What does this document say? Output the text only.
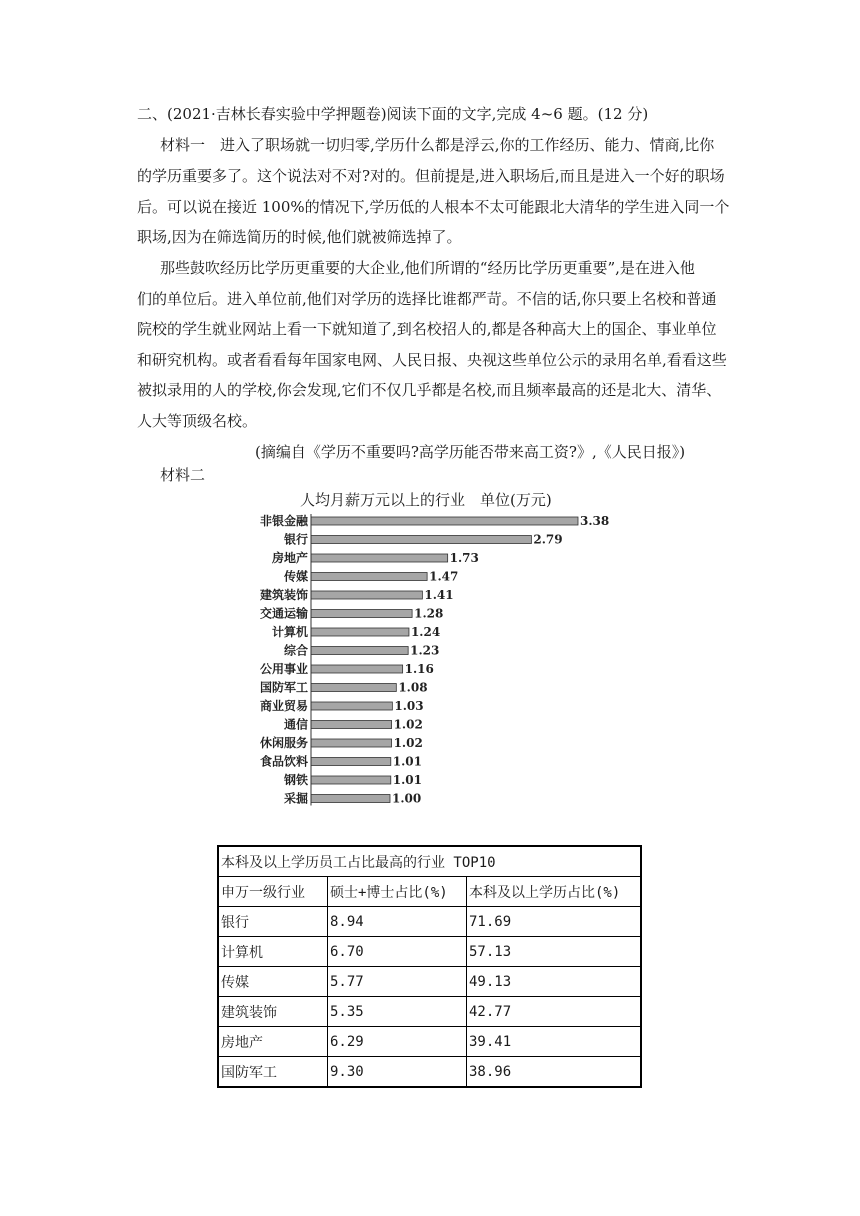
二、(2021·吉林长春实验中学押题卷)阅读下面的文字,完成 4~6 题。(12 分)
材料一　进入了职场就一切归零,学历什么都是浮云,你的工作经历、能力、情商,比你
的学历重要多了。这个说法对不对?对的。但前提是,进入职场后,而且是进入一个好的职场
后。可以说在接近 100%的情况下,学历低的人根本不太可能跟北大清华的学生进入同一个
职场,因为在筛选简历的时候,他们就被筛选掉了。
那些鼓吹经历比学历更重要的大企业,他们所谓的“经历比学历更重要”,是在进入他
们的单位后。进入单位前,他们对学历的选择比谁都严苛。不信的话,你只要上名校和普通
院校的学生就业网站上看一下就知道了,到名校招人的,都是各种高大上的国企、事业单位
和研究机构。或者看看每年国家电网、人民日报、央视这些单位公示的录用名单,看看这些
被拟录用的人的学校,你会发现,它们不仅几乎都是名校,而且频率最高的还是北大、清华、
人大等顶级名校。
(摘编自《学历不重要吗?高学历能否带来高工资?》,《人民日报》)
材料二
人均月薪万元以上的行业　单位(万元)
非银金融	3.38
银行	2.79
房地产	1.73
传媒	1.47
建筑装饰	1.41
交通运输	1.28
计算机	1.24
综合	1.23
公用事业	1.16
国防军工	1.08
商业贸易	1.03
通信	1.02
休闲服务	1.02
食品饮料	1.01
钢铁	1.01
采掘	1.00
本科及以上学历员工占比最高的行业 TOP10		
申万一级行业	硕士+博士占比(%)	本科及以上学历占比(%)
银行	8.94	71.69
计算机	6.70	57.13
传媒	5.77	49.13
建筑装饰	5.35	42.77
房地产	6.29	39.41
国防军工	9.30	38.96
